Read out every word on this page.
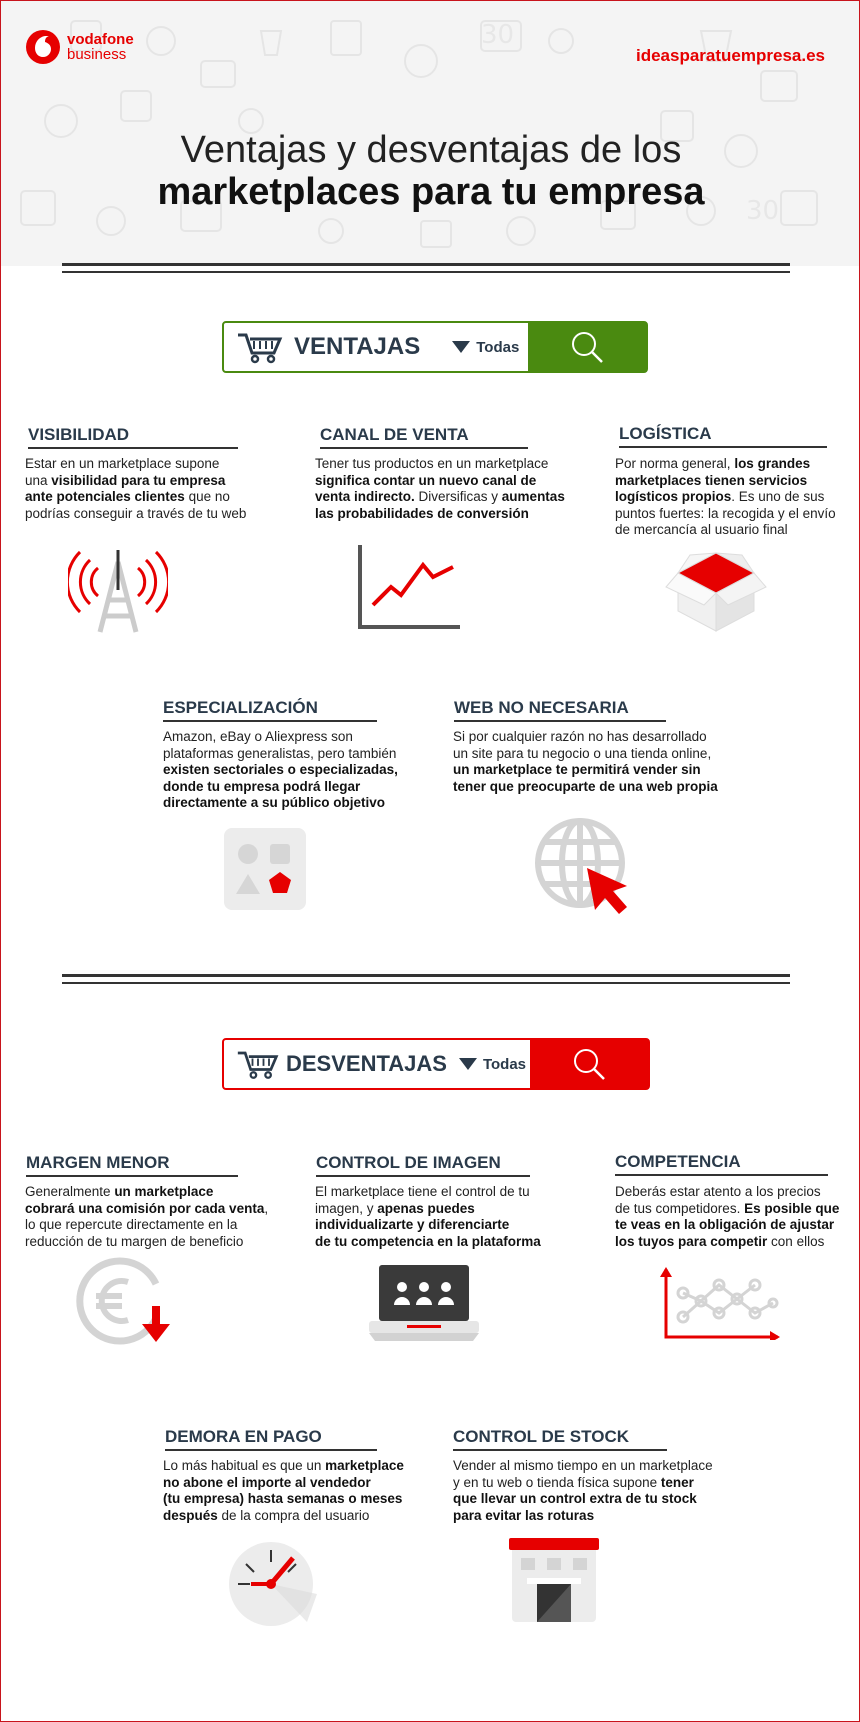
30
30
vodafone
business	ideasparatuempresa.es
Ventajas y desventajas de los
marketplaces para tu empresa
VENTAJAS	Todas
VISIBILIDAD
Estar en un marketplace supone
una visibilidad para tu empresa
ante potenciales clientes que no
podrías conseguir a través de tu web
CANAL DE VENTA
Tener tus productos en un marketplace
significa contar un nuevo canal de
venta indirecto. Diversificas y aumentas
las probabilidades de conversión
LOGÍSTICA
Por norma general, los grandes
marketplaces tienen servicios
logísticos propios. Es uno de sus
puntos fuertes: la recogida y el envío
de mercancía al usuario final
ESPECIALIZACIÓN
Amazon, eBay o Aliexpress son
plataformas generalistas, pero también
existen sectoriales o especializadas,
donde tu empresa podrá llegar
directamente a su público objetivo
WEB NO NECESARIA
Si por cualquier razón no has desarrollado
un site para tu negocio o una tienda online,
un marketplace te permitirá vender sin
tener que preocuparte de una web propia
DESVENTAJAS Todas
MARGEN MENOR
Generalmente un marketplace
cobrará una comisión por cada venta,
lo que repercute directamente en la
reducción de tu margen de beneficio
CONTROL DE IMAGEN
El marketplace tiene el control de tu
imagen, y apenas puedes
individualizarte y diferenciarte
de tu competencia en la plataforma
COMPETENCIA
Deberás estar atento a los precios
de tus competidores. Es posible que
te veas en la obligación de ajustar
los tuyos para competir con ellos
DEMORA EN PAGO
Lo más habitual es que un marketplace
no abone el importe al vendedor
(tu empresa) hasta semanas o meses
después de la compra del usuario
CONTROL DE STOCK
Vender al mismo tiempo en un marketplace
y en tu web o tienda física supone tener
que llevar un control extra de tu stock
para evitar las roturas
